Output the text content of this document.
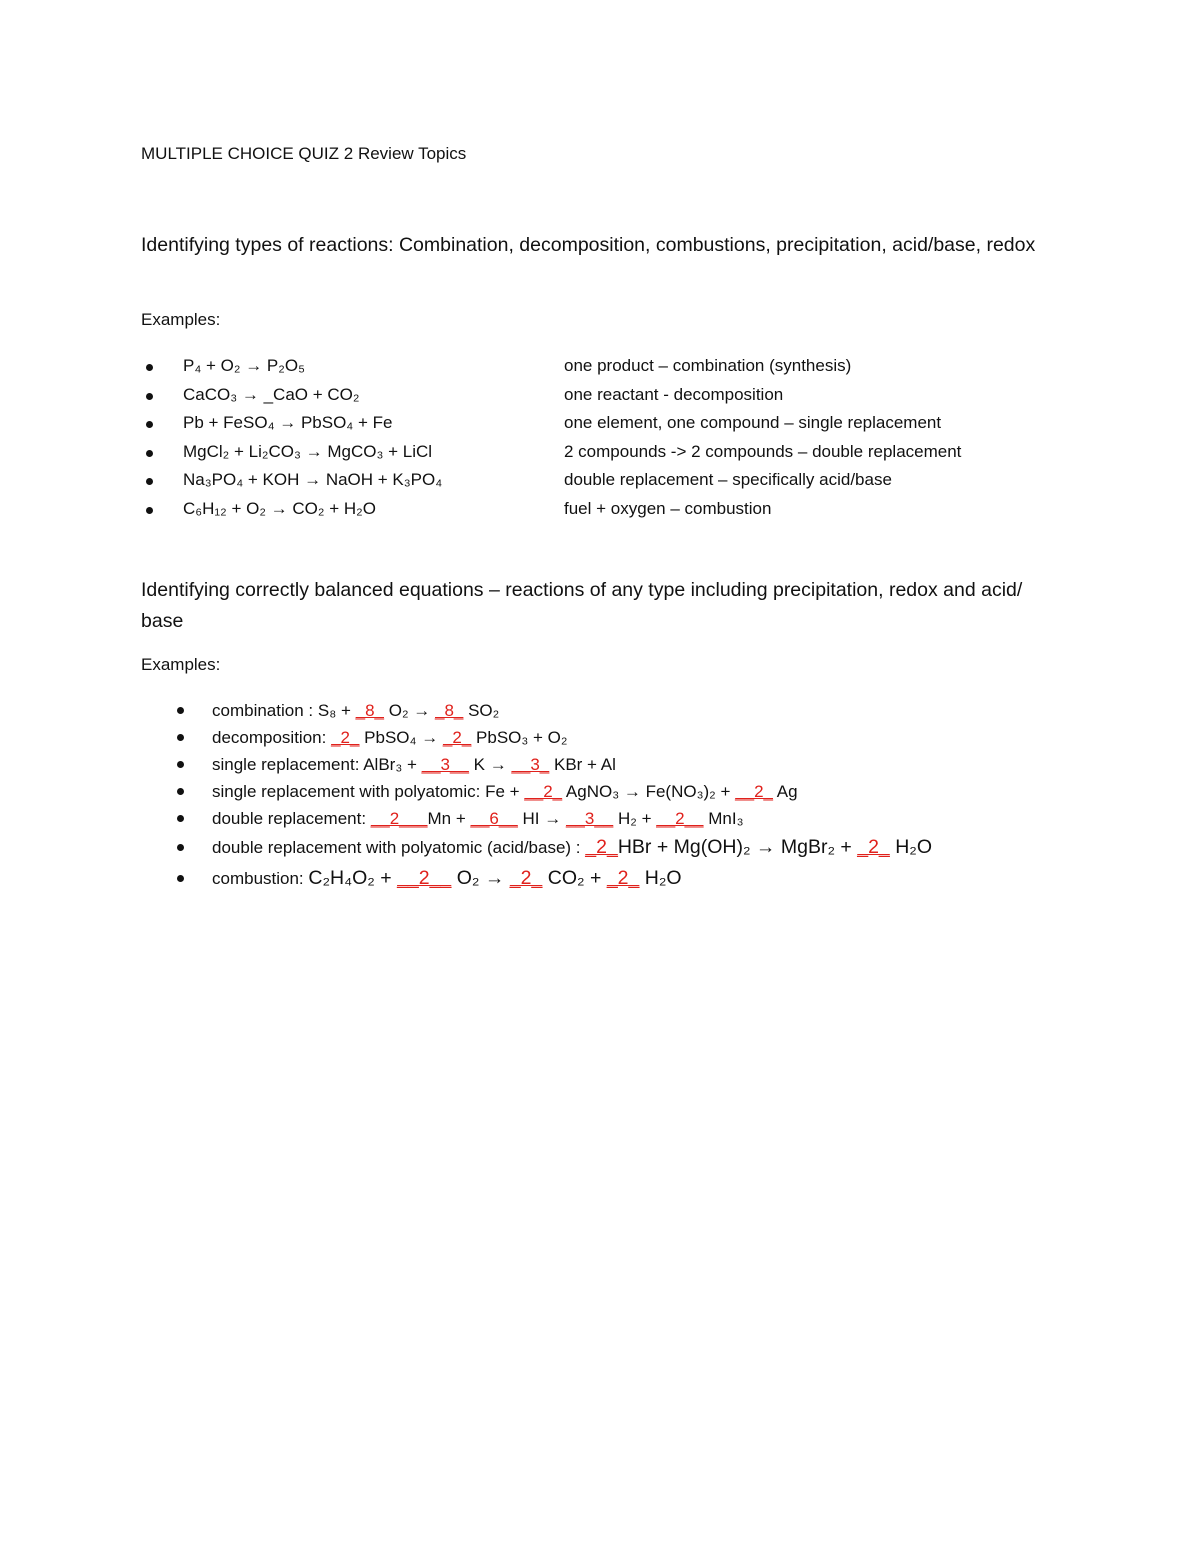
MULTIPLE CHOICE QUIZ 2 Review Topics
Identifying types of reactions: Combination, decomposition, combustions, precipitation, acid/base, redox
Examples:
P₄ + O₂ → P₂O₅	one product – combination (synthesis)
CaCO₃ → _CaO + CO₂	one reactant - decomposition
Pb + FeSO₄ → PbSO₄ + Fe	one element, one compound – single replacement
MgCl₂ + Li₂CO₃ → MgCO₃ + LiCl	2 compounds -> 2 compounds – double replacement
Na₃PO₄ + KOH → NaOH + K₃PO₄	double replacement – specifically acid/base
C₆H₁₂ + O₂ → CO₂ + H₂O	fuel + oxygen – combustion
Identifying correctly balanced equations – reactions of any type including precipitation, redox and acid/ base
Examples:
combination : S₈ + _8_ O₂ → _8_ SO₂
decomposition: _2_ PbSO₄ → _2_ PbSO₃ + O₂
single replacement: AlBr₃ + __3__ K → __3_ KBr + Al
single replacement with polyatomic: Fe + __2_ AgNO₃ → Fe(NO₃)₂ + __2_ Ag
double replacement: __2___Mn + __6__ HI → __3__ H₂ + __2__ MnI₃
double replacement with polyatomic (acid/base) : _2_HBr + Mg(OH)₂ → MgBr₂ + _2_ H₂O
combustion: C₂H₄O₂ + __2__ O₂ → _2_ CO₂ + _2_ H₂O
